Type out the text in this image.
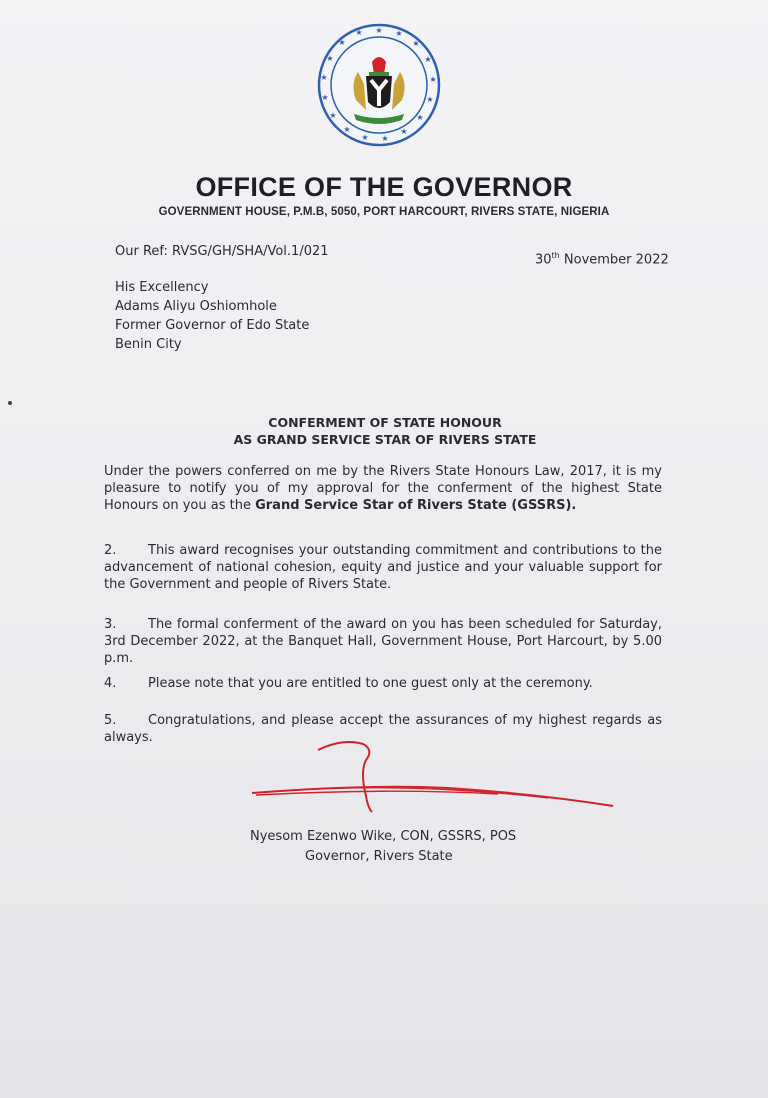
★ ★
★
★
★
★
★
★
★
★
★
★
★
★
★
★
★
OFFICE OF THE GOVERNOR
GOVERNMENT HOUSE, P.M.B, 5050, PORT HARCOURT, RIVERS STATE, NIGERIA
Our Ref: RVSG/GH/SHA/Vol.1/021
30th November 2022
His Excellency
Adams Aliyu Oshiomhole
Former Governor of Edo State
Benin City
CONFERMENT OF STATE HONOUR
AS GRAND SERVICE STAR OF RIVERS STATE
Under the powers conferred on me by the Rivers State Honours Law, 2017, it is my pleasure to notify you of my approval for the conferment of the highest State Honours on you as the Grand Service Star of Rivers State (GSSRS).
2. This award recognises your outstanding commitment and contributions to the advancement of national cohesion, equity and justice and your valuable support for the Government and people of Rivers State.
3. The formal conferment of the award on you has been scheduled for Saturday, 3rd December 2022, at the Banquet Hall, Government House, Port Harcourt, by 5.00 p.m.
4. Please note that you are entitled to one guest only at the ceremony.
5. Congratulations, and please accept the assurances of my highest regards as always.
Nyesom Ezenwo Wike, CON, GSSRS, POS
Governor, Rivers State
